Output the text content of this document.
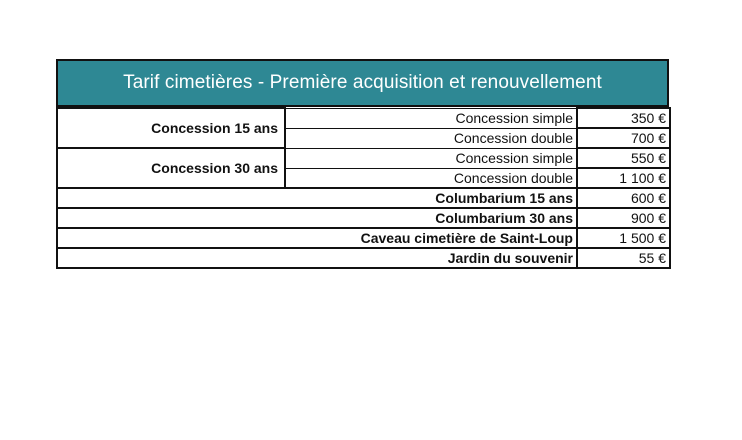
Tarif cimetières - Première acquisition et renouvellement
Concession 15 ans	Concession simple	350 €
	Concession double	700 €
Concession 30 ans	Concession simple	550 €
	Concession double	1 100 €
Columbarium 15 ans		600 €
Columbarium 30 ans		900 €
Caveau cimetière de Saint-Loup		1 500 €
Jardin du souvenir		55 €
